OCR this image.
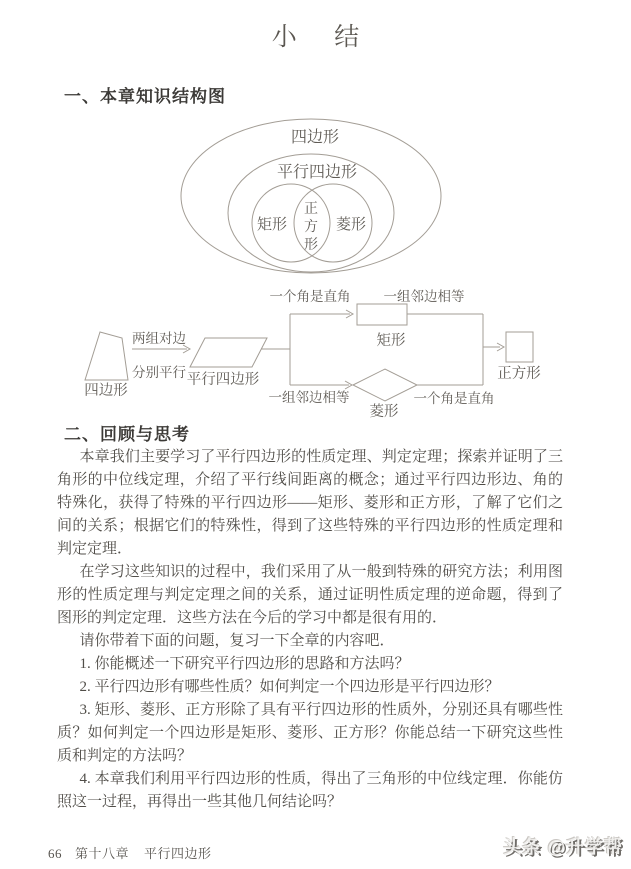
小结
一、本章知识结构图
四边形
平行四边形
矩形	菱形
正
方
形
四边形
两组对边
分别平行 平行四边形
一个角是直角
矩形
一组邻边相等
一组邻边相等
菱形
一个角是直角
正方形
二、回顾与思考

本章我们主要学习了平行四边形的性质定理、判定定理；探索并证明了三角形的中位线定理，介绍了平行线间距离的概念；通过平行四边形边、角的特殊化，获得了特殊的平行四边形——矩形、菱形和正方形，了解了它们之间的关系；根据它们的特殊性，得到了这些特殊的平行四边形的性质定理和判定定理．

在学习这些知识的过程中，我们采用了从一般到特殊的研究方法；利用图形的性质定理与判定定理之间的关系，通过证明性质定理的逆命题，得到了图形的判定定理．这些方法在今后的学习中都是很有用的．

请你带着下面的问题，复习一下全章的内容吧．

1. 你能概述一下研究平行四边形的思路和方法吗？

2. 平行四边形有哪些性质？如何判定一个四边形是平行四边形？

3. 矩形、菱形、正方形除了具有平行四边形的性质外，分别还具有哪些性质？如何判定一个四边形是矩形、菱形、正方形？你能总结一下研究这些性质和判定的方法吗？

4. 本章我们利用平行四边形的性质，得出了三角形的中位线定理．你能仿照这一过程，再得出一些其他几何结论吗？

66 第十八章 平行四边形	头条 @升学帮
